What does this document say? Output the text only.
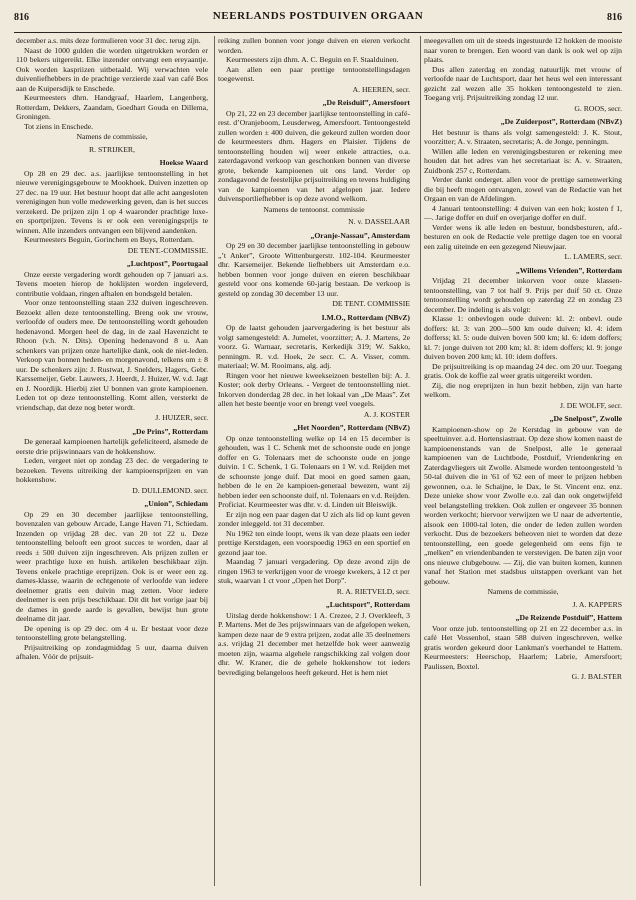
816	NEERLANDS POSTDUIVEN ORGAAN	816

december a.s. mits deze formulieren voor 31 dec. terug zijn.

Naast de 1000 gulden die worden uitgetrokken worden er 110 bekers uitgereikt. Elke inzender ontvangt een ereyaantje. Ook worden kaspriizen uitbetaald. Wij verwachten vele duivenliefhebbers in de prachtige verzierde zaal van café Bos aan de Kuipersdijk te Enschede.

Keurmeesters dhrn. Handgraaf, Haarlem, Langenberg, Rotterdam, Dekkers, Zaandam, Goedhart Gouda en Dillema, Groningen.

Tot ziens in Enschede.

Namens de commissie,
R. STRIJKER,
Hoekse Waard

Op 28 en 29 dec. a.s. jaarlijkse tentoonstelling in het nieuwe verenigingsgebouw te Mookhoek. Duiven inzetten op 27 dec. na 19 uur. Het bestuur hoopt dat alle acht aangesloten verenigingen hun volle medewerking geven, dan is het succes verzekerd. De prijzen zijn 1 op 4 waaronder prachtige luxe- en sportprijzen. Tevens is er ook een verenigingsprijs te winnen. Alle inzenders ontvangen een blijvend aandenken.

Keurmeesters Beguin, Gorinchem en Buys, Rotterdam.

DE TENT.-COMMISSIE.
„Luchtpost”, Poortugaal

Onze eerste vergadering wordt gehouden op 7 januari a.s. Tevens moeten hierop de hoklijsten worden ingeleverd, contributie voldaan, ringen afhalen en bondsgeld betalen.

Voor onze tentoonstelling staan 232 duiven ingeschreven. Bezoekt allen deze tentoonstelling. Breng ook uw vrouw, verloofde of ouders mee. De tentoonstelling wordt gehouden hedenavond. Morgen heel de dag, in de zaal Havenzicht te Rhoon (v.h. N. Dits). Opening hedenavond 8 u. Aan schenkers van prijzen onze hartelijke dank, ook de niet-leden. Verkoop van bonnen heden- en morgenavond, telkens om ± 8 uur. De schenkers zijn: J. Rustwat, J. Snelders, Hagers, Gebr. Karssemeijer, Gebr. Lauwers, J. Heerdt, J. Huizer, W. v.d. Jagt en J. Noordijk. Hierbij ziet U bonnen van grote kampioenen. Leden tot op deze tentoonstelling. Komt allen, versterkt de vriendschap, dat deze nog beter wordt.

J. HUIZER, secr.
„De Prins”, Rotterdam

De generaal kampioenen hartelijk gefeliciteerd, alsmede de eerste drie prijswinnaars van de hokkenshow.

Leden, vergeet niet op zondag 23 dec. de vergadering te bezoeken. Tevens uitreiking der kampioensprijzen en van hokkenshow.

D. DULLEMOND. secr.
„Union”, Schiedam

Op 29 en 30 december jaarlijkse tentoonstelling, bovenzalen van gebouw Arcade, Lange Haven 71, Schiedam. Inzenden op vrijdag 28 dec. van 20 tot 22 u. Deze tentoonstelling belooft een groot succes te worden, daar al reeds ± 500 duiven zijn ingeschreven. Als prijzen zullen er weer prachtige luxe en huish. artikelen beschikbaar zijn. Tevens enkele prachtige ereprijzen. Ook is er weer een zg. dames-klasse, waarin de echtgenote of verloofde van iedere deelnemer gratis een duivin mag zetten. Voor iedere deelnemer is een prijs beschikbaar. Dit dit het vorige jaar bij de dames in goede aarde is gevallen, bewijst hun grote deelname dit jaar.

De opening is op 29 dec. om 4 u. Er bestaat voor deze tentoonstelling grote belangstelling.

Prijsuitreiking op zondagmiddag 5 uur, daarna duiven afhalen. Vóór de prijsuit-

reiking zullen bonnen voor jonge duiven en eieren verkocht worden.

Keurmeesters zijn dhrn. A. C. Beguin en F. Staalduinen.

Aan allen een paar prettige tentoonstellingsdagen toegewenst.

A. HEEREN, secr.
„De Reisduif”, Amersfoort

Op 21, 22 en 23 december jaarlijkse tentoonstelling in café-rest. d’Oranjeboom, Leusderweg, Amersfoort. Tentoongesteld zullen worden ± 400 duiven, die gekeurd zullen worden door de keurmeesters dhrn. Hagers en Plaisier. Tijdens de tentoonstelling houden wij weer enkele attracties, o.a. zaterdagavond verkoop van geschonken bonnen van diverse grote, bekende kampioenen uit ons land. Verder op zondagavond de feestelijke prijsuitreiking en tevens huldiging van de kampioenen van het afgelopen jaar. Iedere duivensportliefhebber is op deze avond welkom.

Namens de tentoonst. commissie
N. v. DASSELAAR
„Oranje-Nassau”, Amsterdam

Op 29 en 30 december jaarlijkse tentoonstelling in gebouw „’t Anker”, Groote Wittenburgerstr. 102-104. Keurmeester dhr. Karsemeijer. Bekende liefhebbers uit Amsterdam e.o. hebben bonnen voor jonge duiven en eieren beschikbaar gesteld voor ons komende 60-jarig bestaan. De verkoop is gesteld op zondag 30 december 13 uur.

DE TENT. COMMISSIE
I.M.O., Rotterdam (NBvZ)

Op de laatst gehouden jaarvergadering is het bestuur als volgt samengesteld: A. Jumelet, voorzitter; A. J. Martens, 2e voorz. G. Warnaar, secretaris, Kerkedijk 319; W. Sakko, penningm. R. v.d. Hoek, 2e secr. C. A. Visser, comm. materiaal; W. M. Rooimans, alg. adj.

Ringen voor het nieuwe kweekseizoen bestellen bij: A. J. Koster; ook derby Orleans. - Vergeet de tentoonstelling niet. Inkorven donderdag 28 dec. in het lokaal van „De Maas”. Zet allen het beste beentje voor en brengt veel voegels.

A. J. KOSTER
„Het Noorden”, Rotterdam (NBvZ)

Op onze tentoonstelling welke op 14 en 15 december is gehouden, was 1 C. Schenk met de schoonste oude en jonge doffer en G. Tolenaars met de schoonste oude en jonge duivin. 1 C. Schenk, 1 G. Tolenaars en 1 W. v.d. Reijden met de schoonste jonge duif. Dat mooi en goed samen gaan, hebben de le en 2e kampioen-generaal bewezen, want zij hebben ieder een schoonste duif, nl. Tolenaars en v.d. Reijden. Proficiat. Keurmeester was dhr. v. d. Linden uit Bleiswijk.

Er zijn nog een paar dagen dat U zich als lid op kunt geven zonder inleggeld. tot 31 december.

Nu 1962 ten einde loopt, wens ik van deze plaats een ieder prettige Kerstdagen, een voorspoedig 1963 en een sportief en gezond jaar toe.

Maandag 7 januari vergadering. Op deze avond zijn de ringen 1963 te verkrijgen voor de vroege kwekers, à 12 ct per stuk, waarvan 1 ct voor „Open het Dorp”.

R. A. RIETVELD, secr.
„Luchtsport”, Rotterdam

Uitslag derde hokkenshow: 1 A. Crezee, 2 J. Overkleeft, 3 P. Martens. Met de 3es prijswinnaars van de afgelopen weken, kampen deze naar de 9 extra prijzen, zodat alle 35 deelnemers a.s. vrijdag 21 december met hetzelfde hok weer aanwezig moeten zijn, waarna algehele rangschikking zal volgen door dhr. W. Kraner, die de gehele hokkenshow tot ieders bevrediging belangeloos heeft gekeurd. Het is hem niet

meegevallen om uit de steeds ingestuurde 12 hokken de mooiste naar voren te brengen. Een woord van dank is ook wel op zijn plaats.

Dus allen zaterdag en zondag natuurlijk met vrouw of verloofde naar de Luchtsport, daar het heus wel een interessant gezicht zal wezen alle 35 hokken tentoongesteld te zien. Toegang vrij. Prijsuitreiking zondag 12 uur.

G. ROOS, secr.
„De Zuiderpost”, Rotterdam (NBvZ)

Het bestuur is thans als volgt samengesteld: J. K. Stout, voorzitter; A. v. Straaten, secretaris; A. de Jonge, penningm.

Willen alle leden en verenigingsbesturen er rekening mee houden dat het adres van het secretariaat is: A. v. Straaten, Zuidbonk 257 c, Rotterdam.

Verder dankt onderget. allen voor de prettige samenwerking die bij heeft mogen ontvangen, zowel van de Redactie van het Orgaan en van de Afdelingen.

4 Januari tentoonstelling: 4 duiven van een hok; kosten f 1,—. Jarige doffer en duif en overjarige doffer en duif.

Verder wens ik alle leden en bestuur, bondsbesturen, afd.-besturen en ook de Redactie vele prettige dagen toe en vooral een zalig uiteinde en een gezegend Nieuwjaar.

L. LAMERS, secr.
„Willems Vrienden”, Rotterdam

Vrijdag 21 december inkorven voor onze klassen-tentoonstelling, van 7 tot half 9. Prijs per duif 50 ct. Onze tentoonstelling wordt gehouden op zaterdag 22 en zondag 23 december. De indeling is als volgt:

Klasse 1: onbevlogen oude duiven: kl. 2: onbevl. oude doffers: kl. 3: van 200—500 km oude duiven; kl. 4: idem dofferss; kl. 5: oude duiven boven 500 km; kl. 6: idem doffers; kl. 7: jonge duiven tot 200 km; kl. 8: idem doffers; kl. 9: jonge duiven boven 200 km; kl. 10: idem doffers.

De prijsuitreiking is op maandag 24 dec. om 20 uur. Toegang gratis. Ook de koffie zal weer gratis uitgereikt worden.

Zij, die nog ereprijzen in hun bezit hebben, zijn van harte welkom.

J. DE WOLFF, secr.
„De Snelpost”, Zwolle

Kampioenen-show op 2e Kerstdag in gebouw van de speeltuinver. a.d. Hortensiastraat. Op deze show komen naast de kampioenenstands van de Snelpost, alle 1e generaal kampioenen van de Luchtbode, Postduif, Vriendenkring en Zaterdagvliegers uit Zwolle. Alsmede worden tentoongesteld 'n 50-tal duiven die in '61 of '62 een of meer le prijzen hebben gewonnen, o.a. le Schaijne, le Dax, le St. Vincent enz. enz. Deze unieke show voor Zwolle e.o. zal dan ook ongetwijfeld veel belangstelling trekken. Ook zullen er ongeveer 35 bonnen worden verkocht; hiervoor verwijzen we U naar de advertentie, alsook een 1000-tal loten, die onder de leden zullen worden verkocht. Dus de bezoekers beheoven niet te worden dat deze tentoonstelling, een goede gelegenheid om eens fijn te „melken” en vriendenbanden te verstevigen. De baten zijn voor ons nieuwe clubgebouw. — Zij, die van buiten komen, kunnen vanaf het Station met stadsbus uitstappen overkant van het gebouw.

Namens de commissie,
J. A. KAPPERS
„De Reizende Postduif”, Hattem

Voor onze jub. tentoonstelling op 21 en 22 december a.s. in café Het Vossenhol, staan 588 duiven ingeschreven, welke gratis worden gekeurd door Lankman's voerhandel te Hattem. Keurmeesters: Heerschop, Haarlem; Labrie, Amersfoort; Paulissen, Boxtel.

G. J. BALSTER
